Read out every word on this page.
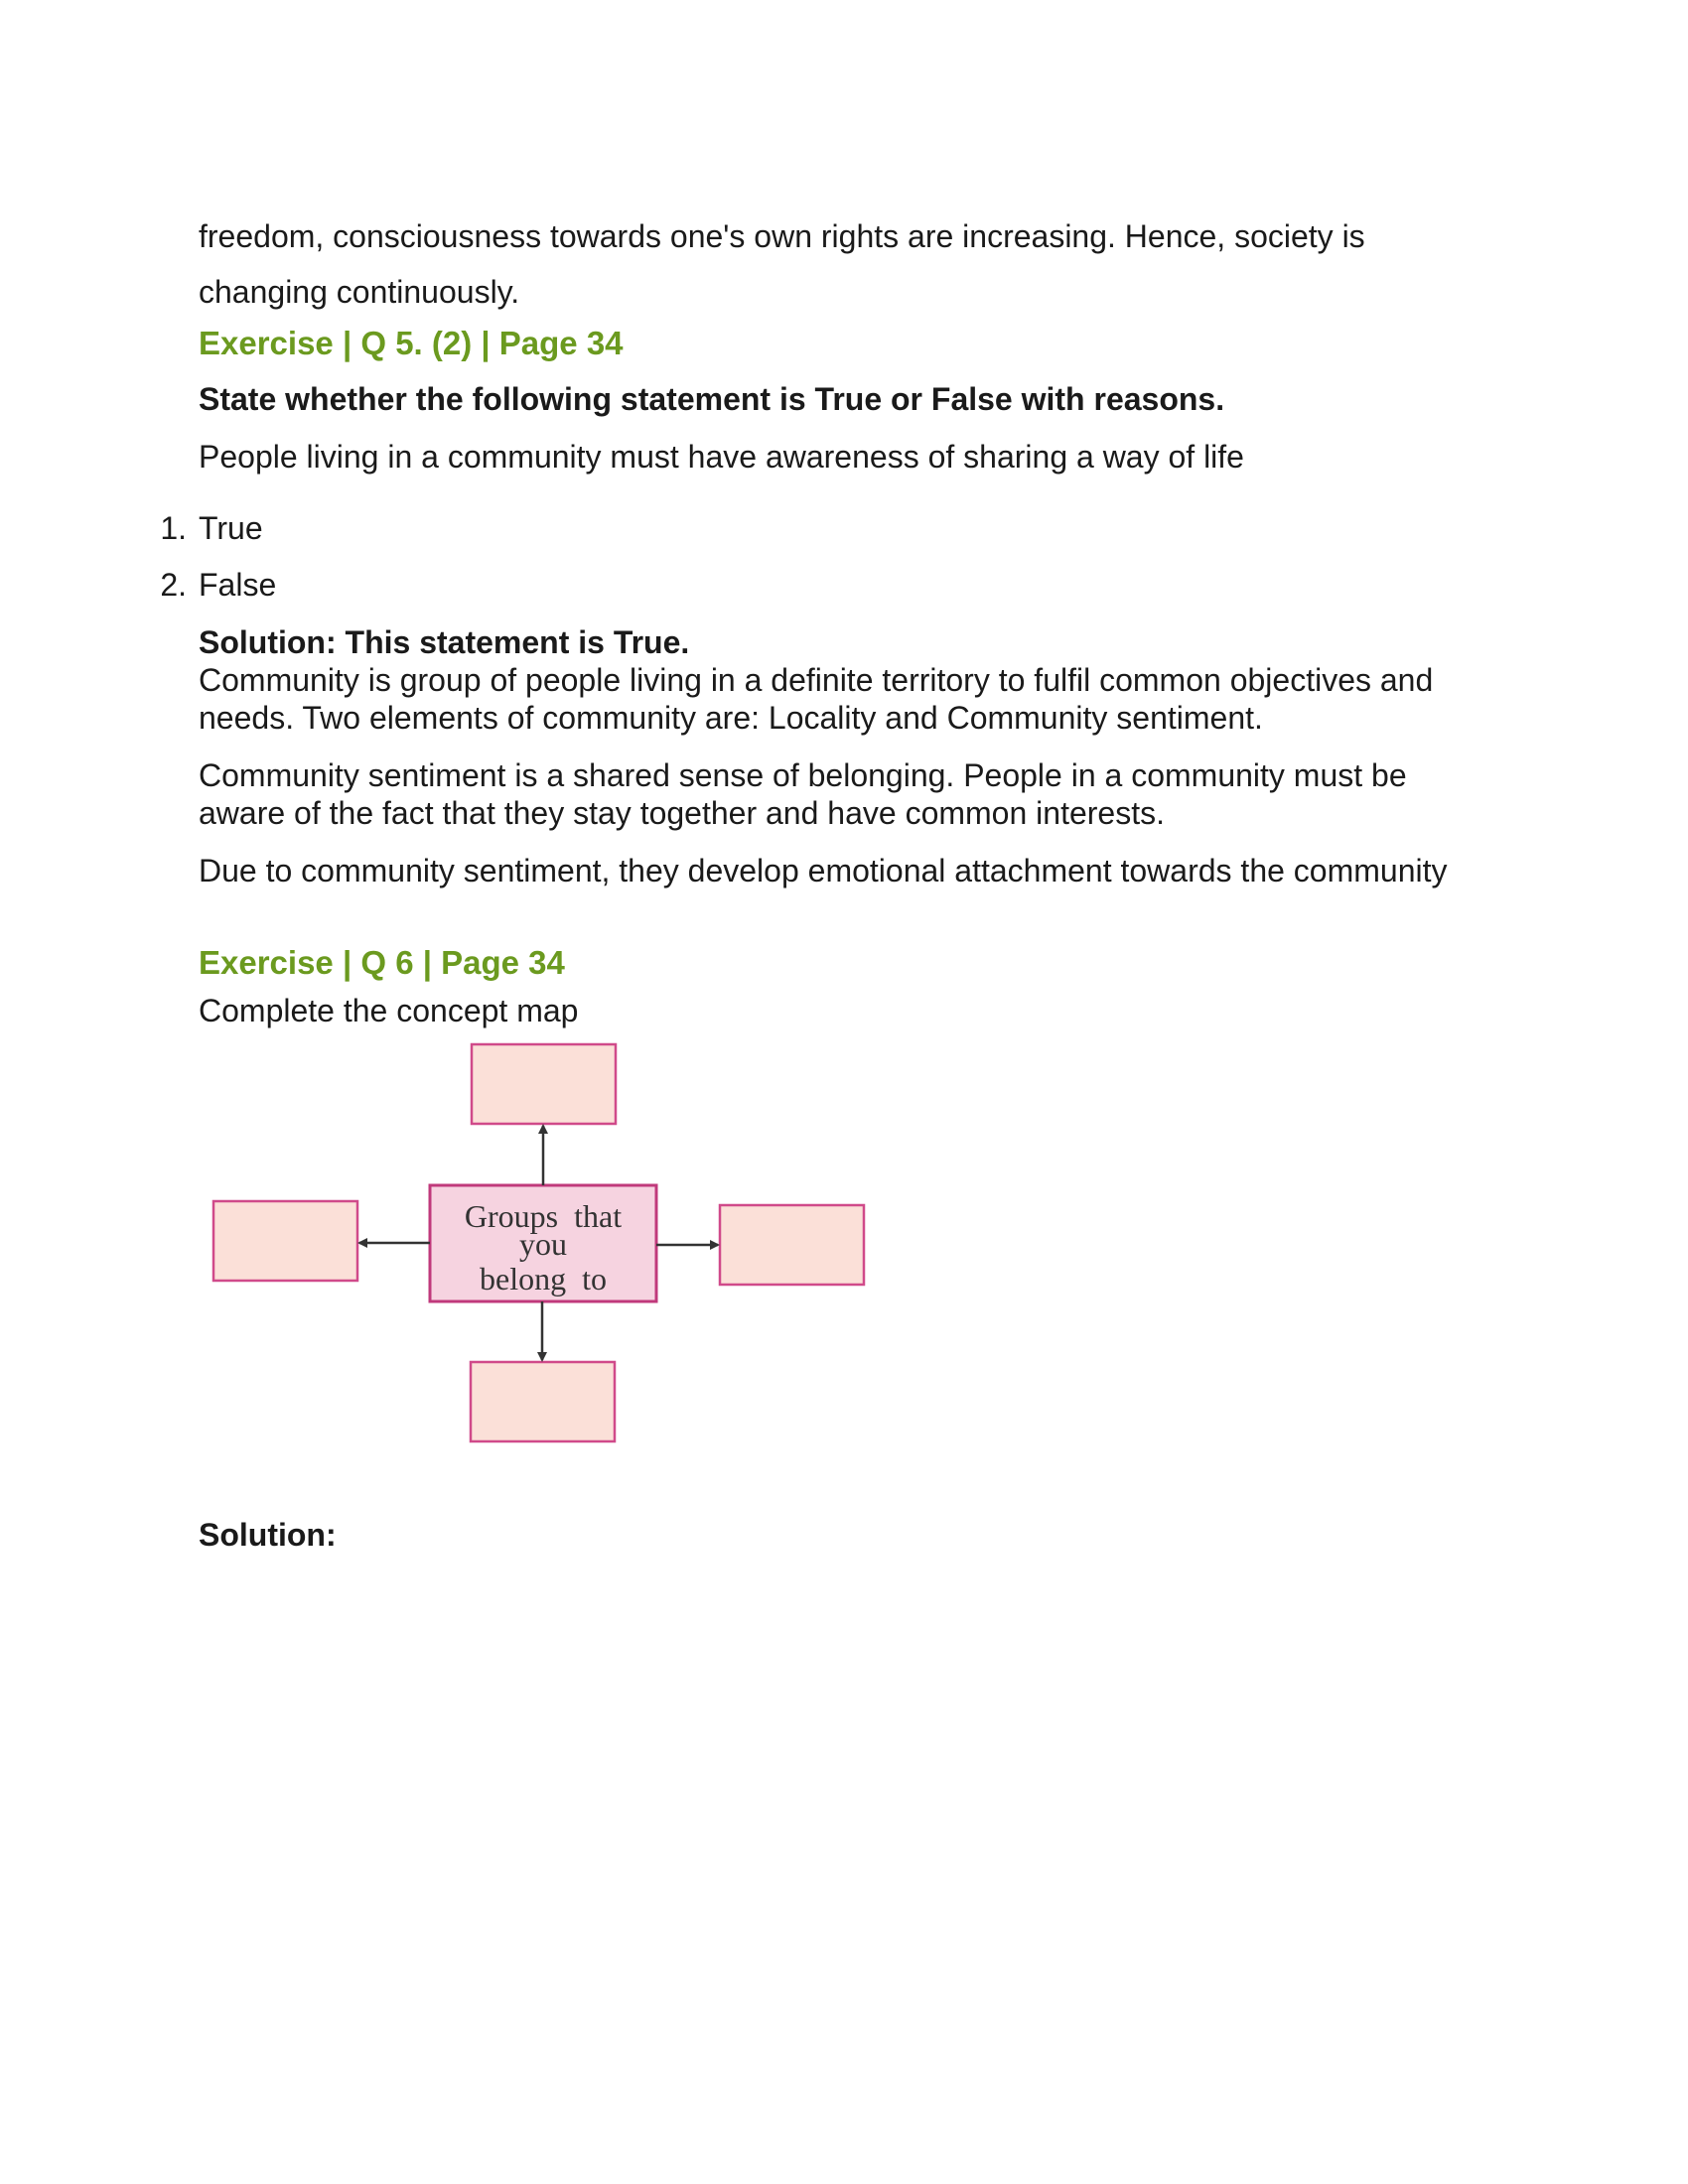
freedom, consciousness towards one's own rights are increasing. Hence, society is

changing continuously.

Exercise | Q 5. (2) | Page 34

State whether the following statement is True or False with reasons.

People living in a community must have awareness of sharing a way of life

1. True
2. False

Solution: This statement is True.

Community is group of people living in a definite territory to fulfil common objectives and needs. Two elements of community are: Locality and Community sentiment.

Community sentiment is a shared sense of belonging. People in a community must be aware of the fact that they stay together and have common interests.

Due to community sentiment, they develop emotional attachment towards the community

Exercise | Q 6 | Page 34

Complete the concept map

Groups  that
you
belong  to

Solution:
